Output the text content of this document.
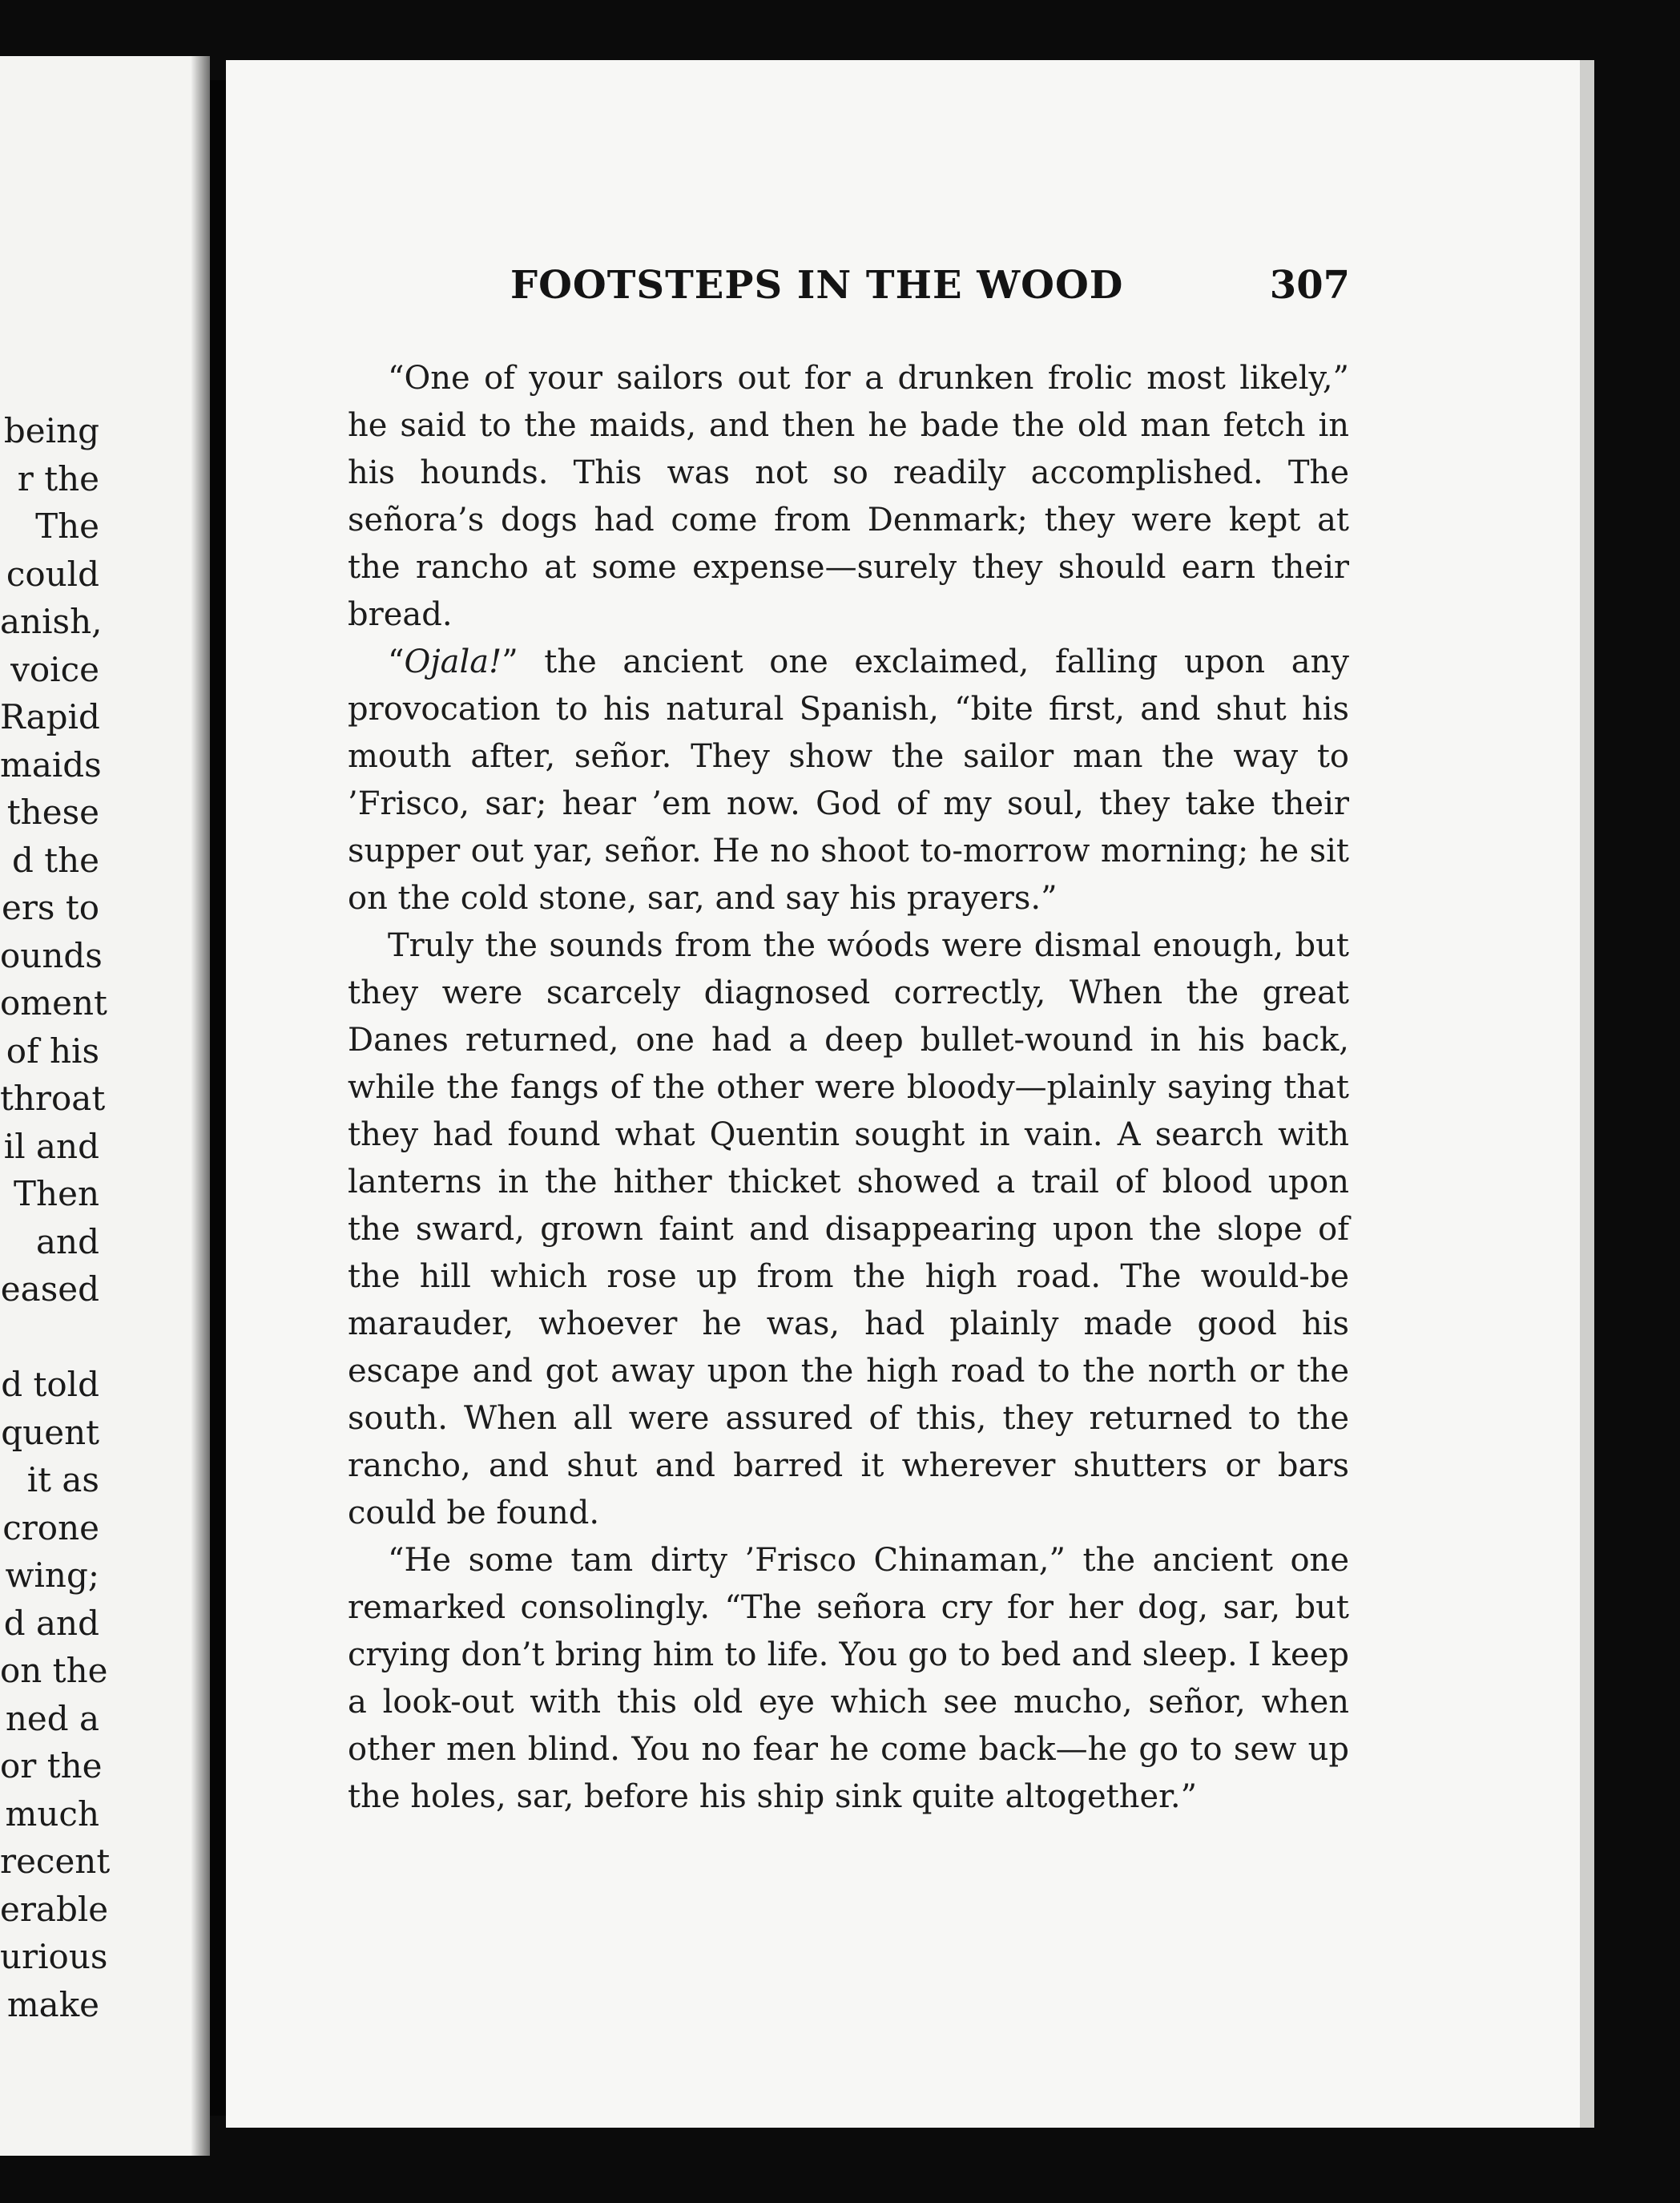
being
r the
The
could
anish,
voice
Rapid
maids
these
d the
ers to
ounds
oment
of his
throat
il and
Then
and
eased
d told
quent
it as
crone
wing;
d and
on the
ned a
or the
much
recent
erable
urious
make
FOOTSTEPS IN THE WOOD	307

“One of your sailors out for a drunken frolic most likely,” he said to the maids, and then he bade the old man fetch in his hounds. This was not so readily accomplished. The señora’s dogs had come from Denmark; they were kept at the rancho at some expense—surely they should earn their bread.

“Ojala!” the ancient one exclaimed, falling upon any provocation to his natural Spanish, “bite first, and shut his mouth after, señor. They show the sailor man the way to ’Frisco, sar; hear ’em now. God of my soul, they take their supper out yar, señor. He no shoot to-morrow morning; he sit on the cold stone, sar, and say his prayers.”

Truly the sounds from the wóods were dismal enough, but they were scarcely diagnosed correctly, When the great Danes returned, one had a deep bullet-wound in his back, while the fangs of the other were bloody—plainly saying that they had found what Quentin sought in vain. A search with lanterns in the hither thicket showed a trail of blood upon the sward, grown faint and disappearing upon the slope of the hill which rose up from the high road. The would-be marauder, whoever he was, had plainly made good his escape and got away upon the high road to the north or the south. When all were assured of this, they returned to the rancho, and shut and barred it wherever shutters or bars could be found.

“He some tam dirty ’Frisco Chinaman,” the ancient one remarked consolingly. “The señora cry for her dog, sar, but crying don’t bring him to life. You go to bed and sleep. I keep a look-out with this old eye which see mucho, señor, when other men blind. You no fear he come back—he go to sew up the holes, sar, before his ship sink quite altogether.”
